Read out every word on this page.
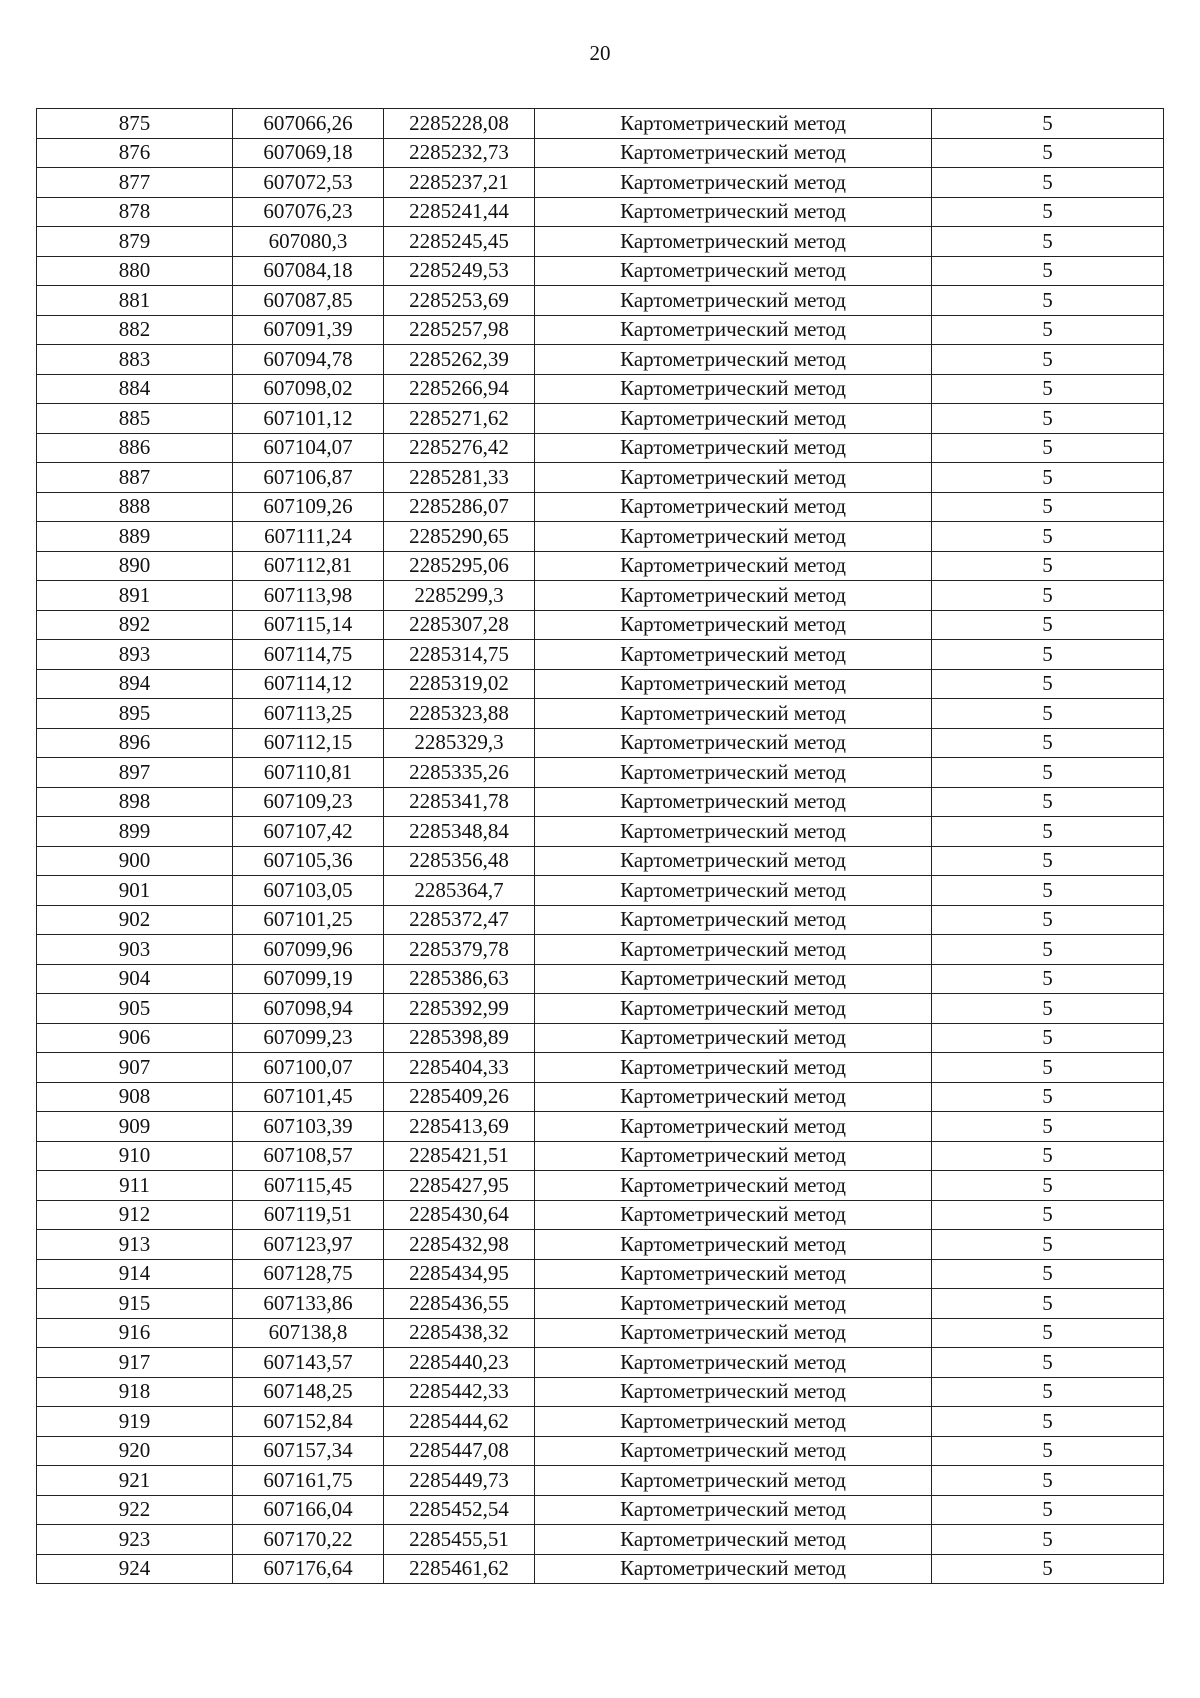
20
875	607066,26	2285228,08	Картометрический метод	5
876	607069,18	2285232,73	Картометрический метод	5
877	607072,53	2285237,21	Картометрический метод	5
878	607076,23	2285241,44	Картометрический метод	5
879	607080,3	2285245,45	Картометрический метод	5
880	607084,18	2285249,53	Картометрический метод	5
881	607087,85	2285253,69	Картометрический метод	5
882	607091,39	2285257,98	Картометрический метод	5
883	607094,78	2285262,39	Картометрический метод	5
884	607098,02	2285266,94	Картометрический метод	5
885	607101,12	2285271,62	Картометрический метод	5
886	607104,07	2285276,42	Картометрический метод	5
887	607106,87	2285281,33	Картометрический метод	5
888	607109,26	2285286,07	Картометрический метод	5
889	607111,24	2285290,65	Картометрический метод	5
890	607112,81	2285295,06	Картометрический метод	5
891	607113,98	2285299,3	Картометрический метод	5
892	607115,14	2285307,28	Картометрический метод	5
893	607114,75	2285314,75	Картометрический метод	5
894	607114,12	2285319,02	Картометрический метод	5
895	607113,25	2285323,88	Картометрический метод	5
896	607112,15	2285329,3	Картометрический метод	5
897	607110,81	2285335,26	Картометрический метод	5
898	607109,23	2285341,78	Картометрический метод	5
899	607107,42	2285348,84	Картометрический метод	5
900	607105,36	2285356,48	Картометрический метод	5
901	607103,05	2285364,7	Картометрический метод	5
902	607101,25	2285372,47	Картометрический метод	5
903	607099,96	2285379,78	Картометрический метод	5
904	607099,19	2285386,63	Картометрический метод	5
905	607098,94	2285392,99	Картометрический метод	5
906	607099,23	2285398,89	Картометрический метод	5
907	607100,07	2285404,33	Картометрический метод	5
908	607101,45	2285409,26	Картометрический метод	5
909	607103,39	2285413,69	Картометрический метод	5
910	607108,57	2285421,51	Картометрический метод	5
911	607115,45	2285427,95	Картометрический метод	5
912	607119,51	2285430,64	Картометрический метод	5
913	607123,97	2285432,98	Картометрический метод	5
914	607128,75	2285434,95	Картометрический метод	5
915	607133,86	2285436,55	Картометрический метод	5
916	607138,8	2285438,32	Картометрический метод	5
917	607143,57	2285440,23	Картометрический метод	5
918	607148,25	2285442,33	Картометрический метод	5
919	607152,84	2285444,62	Картометрический метод	5
920	607157,34	2285447,08	Картометрический метод	5
921	607161,75	2285449,73	Картометрический метод	5
922	607166,04	2285452,54	Картометрический метод	5
923	607170,22	2285455,51	Картометрический метод	5
924	607176,64	2285461,62	Картометрический метод	5
